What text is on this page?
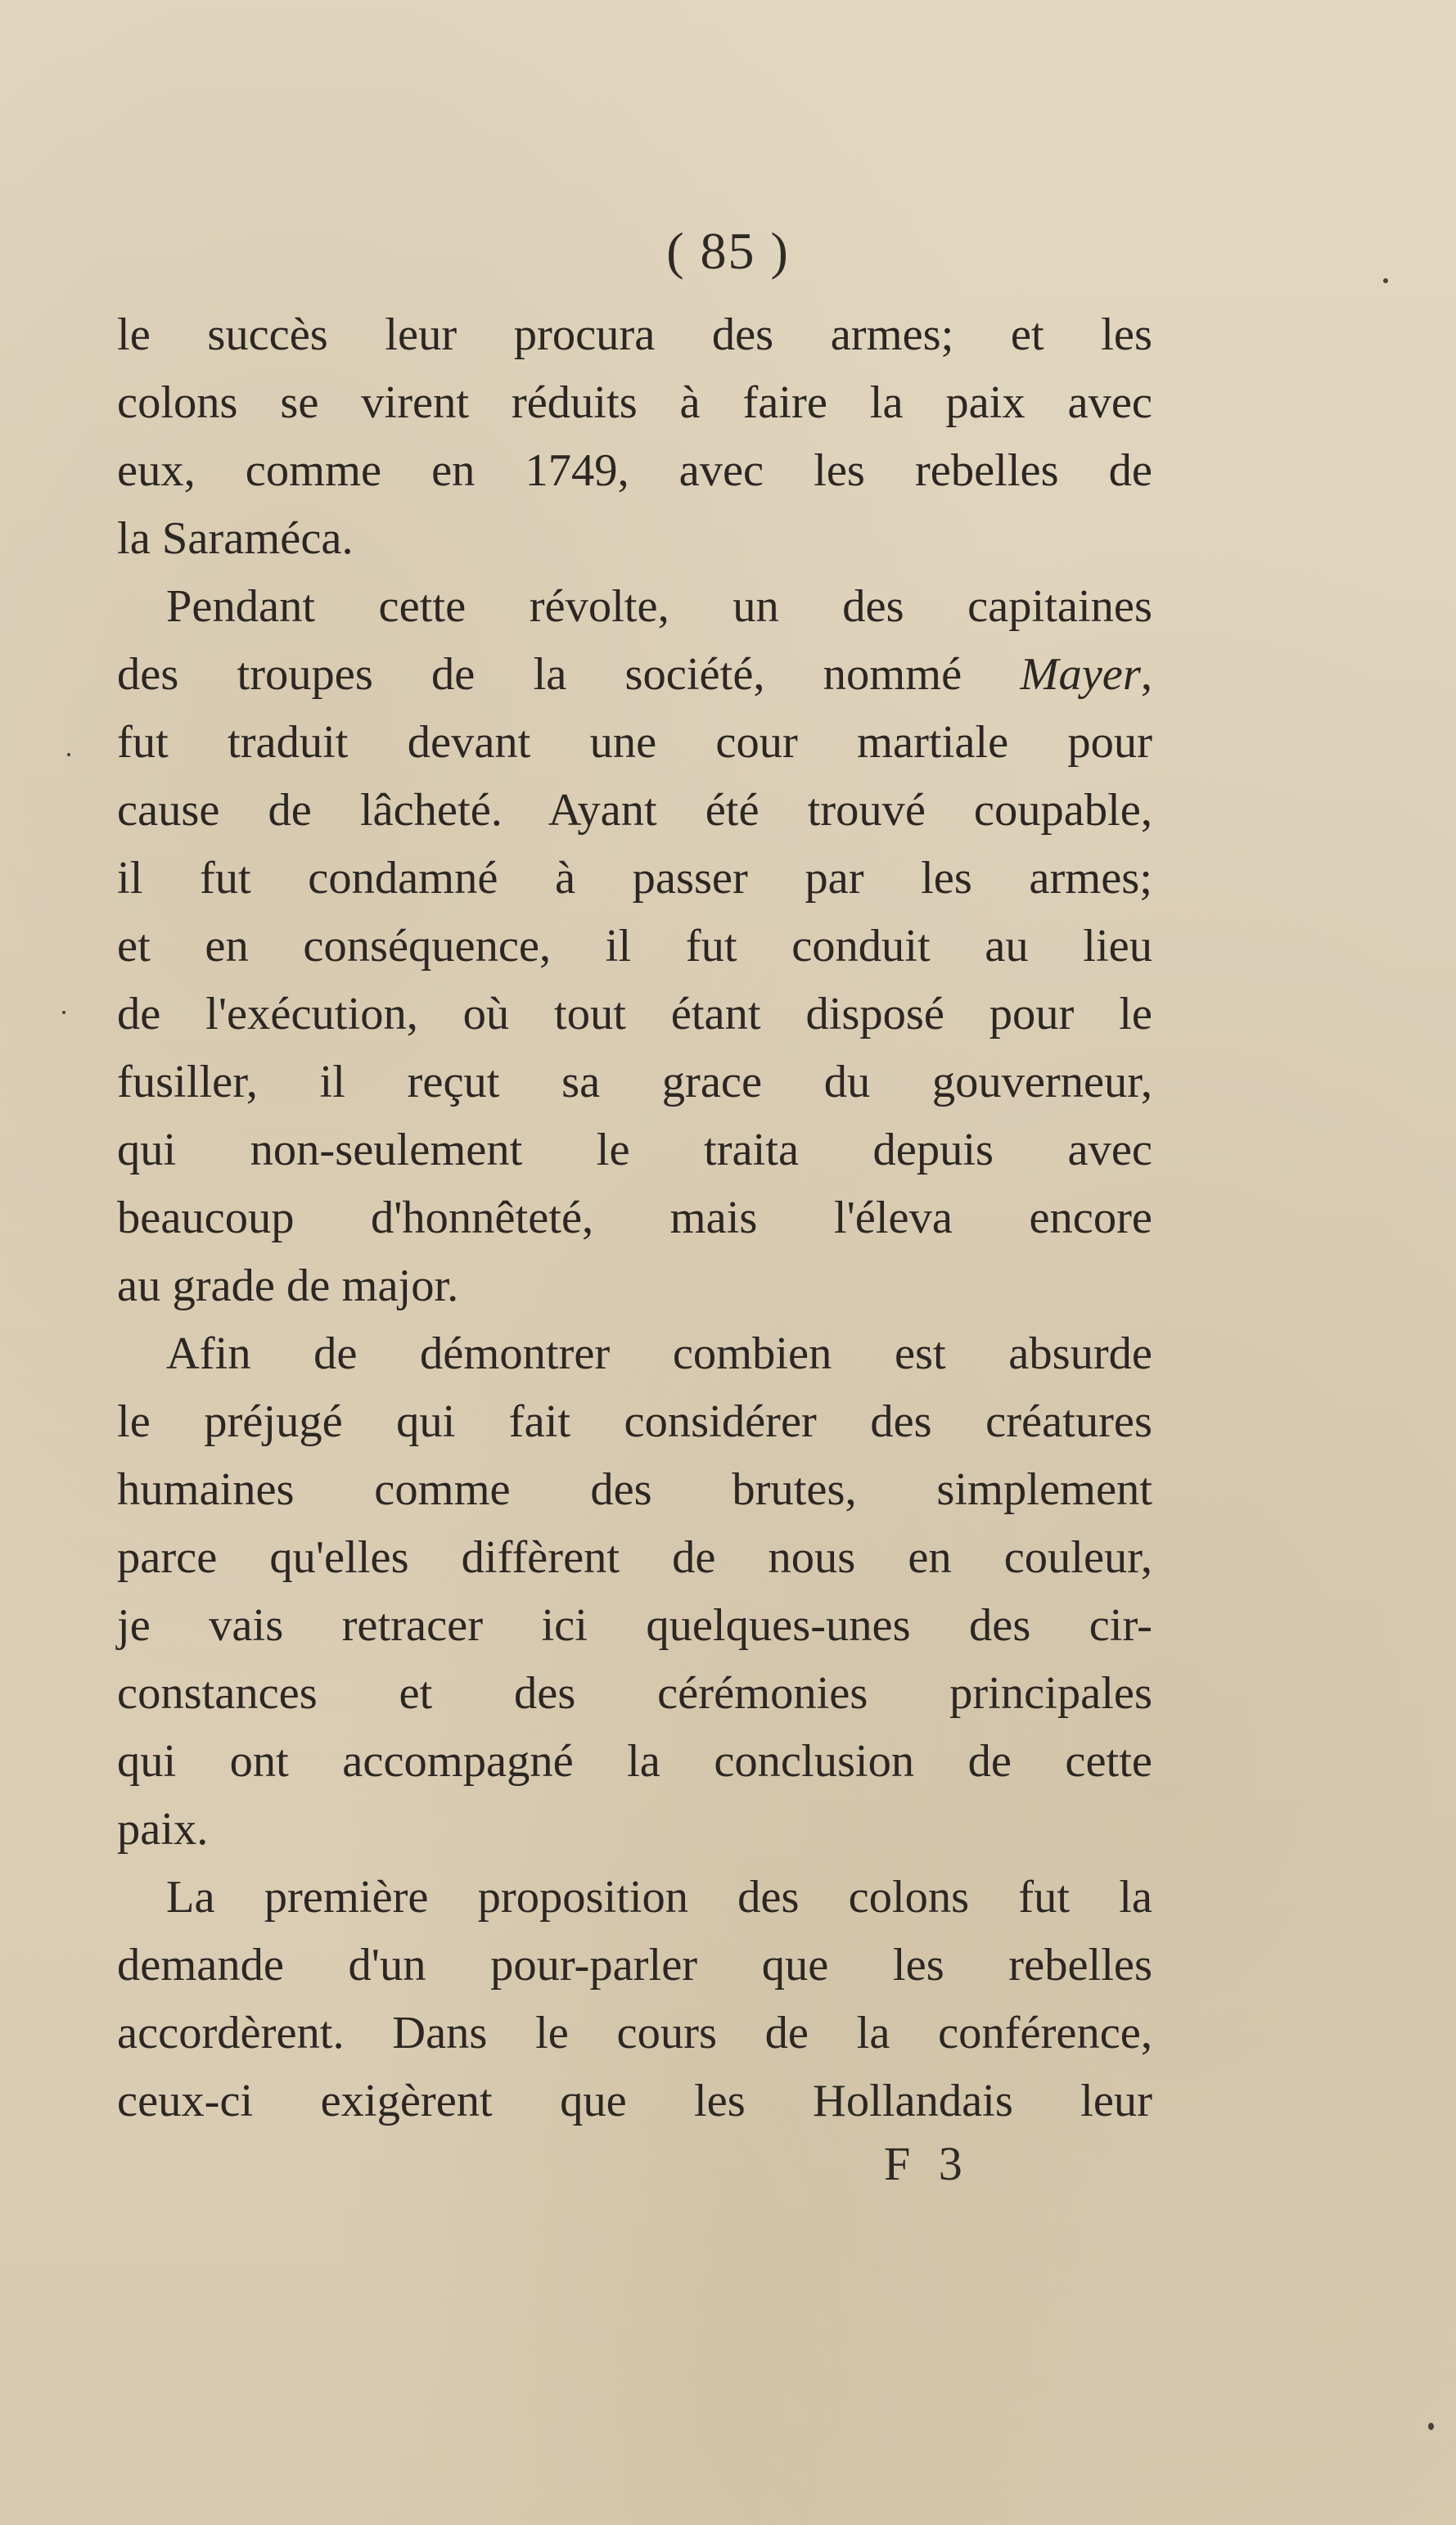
( 85 )
le succès leur procura des armes; et les
colons se virent réduits à faire la paix avec
eux, comme en 1749, avec les rebelles de
la Saraméca.
Pendant cette révolte, un des capitaines
des troupes de la société, nommé Mayer,
fut traduit devant une cour martiale pour
cause de lâcheté. Ayant été trouvé coupable,
il fut condamné à passer par les armes;
et en conséquence, il fut conduit au lieu
de l'exécution, où tout étant disposé pour le
fusiller, il reçut sa grace du gouverneur,
qui non-seulement le traita depuis avec
beaucoup d'honnêteté, mais l'éleva encore
au grade de major.
Afin de démontrer combien est absurde
le préjugé qui fait considérer des créatures
humaines comme des brutes, simplement
parce qu'elles diffèrent de nous en couleur,
je vais retracer ici quelques-unes des cir-
constances et des cérémonies principales
qui ont accompagné la conclusion de cette
paix.
La première proposition des colons fut la
demande d'un pour-parler que les rebelles
accordèrent. Dans le cours de la conférence,
ceux-ci exigèrent que les Hollandais leur
F 3
